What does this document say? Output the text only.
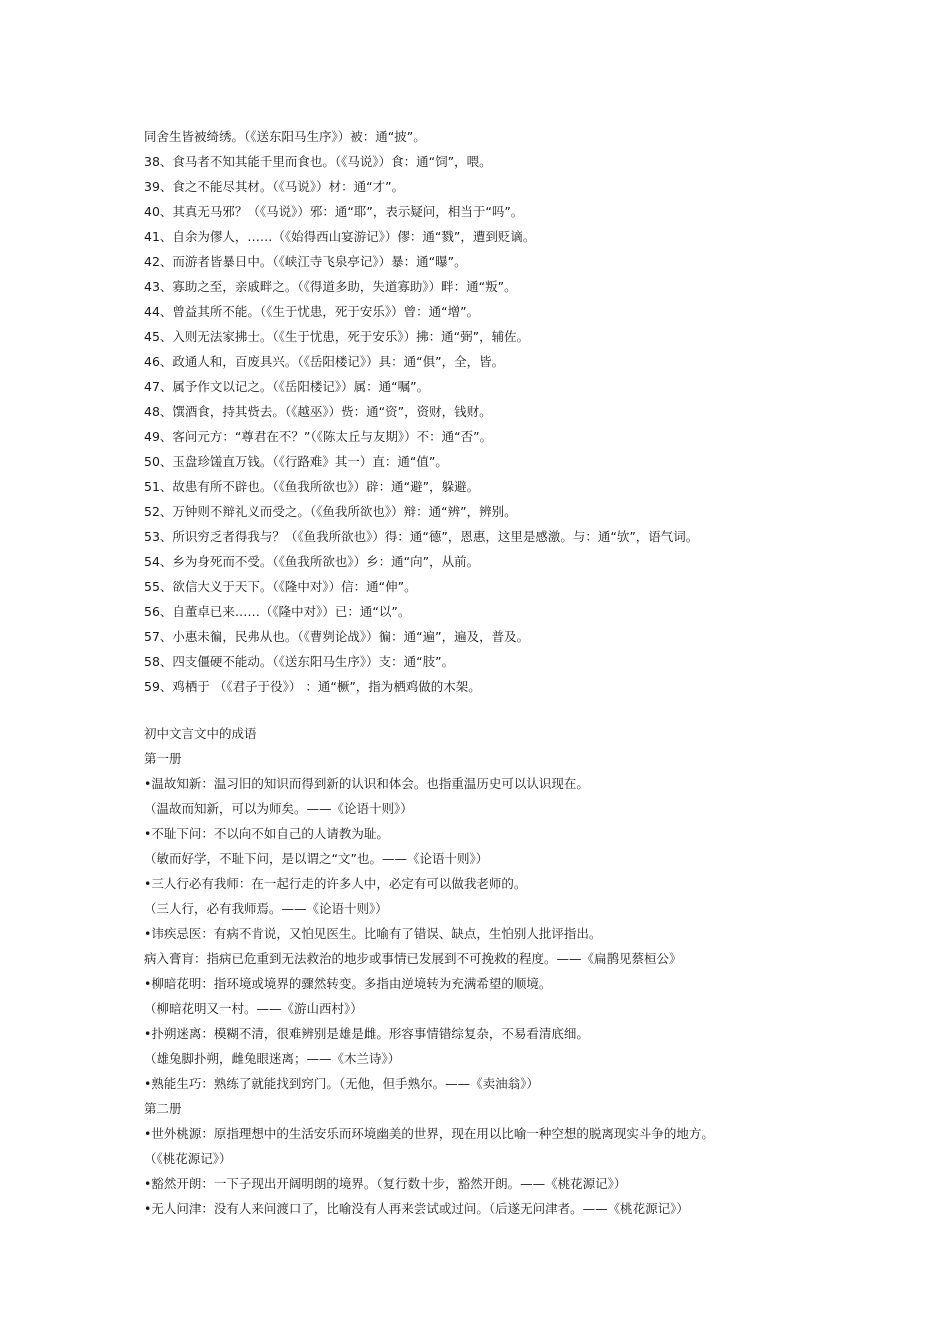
同舍生皆被绮绣。（《送东阳马生序》）被：通“披”。
38、食马者不知其能千里而食也。（《马说》）食：通“饲”，喂。
39、食之不能尽其材。（《马说》）材：通“才”。
40、其真无马邪？（《马说》）邪：通“耶”，表示疑问，相当于“吗”。
41、自余为僇人，……（《始得西山宴游记》）僇：通“戮”，遭到贬谪。
42、而游者皆暴日中。（《峡江寺飞泉亭记》）暴：通“曝”。
43、寡助之至，亲戚畔之。（《得道多助，失道寡助》）畔：通“叛”。
44、曾益其所不能。（《生于忧患，死于安乐》）曾：通“增”。
45、入则无法家拂士。（《生于忧患，死于安乐》）拂：通“弼”，辅佐。
46、政通人和，百废具兴。（《岳阳楼记》）具：通“俱”，全，皆。
47、属予作文以记之。（《岳阳楼记》）属：通“嘱”。
48、馔酒食，持其赀去。（《越巫》）赀：通“资”，资财，钱财。
49、客问元方：“尊君在不？”（《陈太丘与友期》）不：通“否”。
50、玉盘珍馐直万钱。（《行路难》其一）直：通“值”。
51、故患有所不辟也。（《鱼我所欲也》）辟：通“避”，躲避。
52、万钟则不辩礼义而受之。（《鱼我所欲也》）辩：通“辨”，辨别。
53、所识穷乏者得我与？（《鱼我所欲也》）得：通“德”，恩惠，这里是感激。与：通“欤”，语气词。
54、乡为身死而不受。（《鱼我所欲也》）乡：通“向”，从前。
55、欲信大义于天下。（《隆中对》）信：通“伸”。
56、自董卓已来……（《隆中对》）已：通“以”。
57、小惠未徧，民弗从也。（《曹刿论战》）徧：通“遍”，遍及，普及。
58、四支僵硬不能动。（《送东阳马生序》）支：通“肢”。
59、鸡栖于 （《君子于役》） ：通“橛”，指为栖鸡做的木架。
初中文言文中的成语
第一册
•温故知新：温习旧的知识而得到新的认识和体会。也指重温历史可以认识现在。
（温故而知新，可以为师矣。——《论语十则》）
•不耻下问：不以向不如自己的人请教为耻。
（敏而好学，不耻下问，是以谓之“文”也。——《论语十则》）
•三人行必有我师：在一起行走的许多人中，必定有可以做我老师的。
（三人行，必有我师焉。——《论语十则》）
•讳疾忌医：有病不肯说，又怕见医生。比喻有了错误、缺点，生怕别人批评指出。
病入膏肓：指病已危重到无法救治的地步或事情已发展到不可挽救的程度。——《扁鹊见蔡桓公》
•柳暗花明：指环境或境界的骤然转变。多指由逆境转为充满希望的顺境。
（柳暗花明又一村。——《游山西村》）
•扑朔迷离：模糊不清，很难辨别是雄是雌。形容事情错综复杂，不易看清底细。
（雄兔脚扑朔，雌兔眼迷离；——《木兰诗》）
•熟能生巧：熟练了就能找到窍门。（无他，但手熟尔。——《卖油翁》）
第二册
•世外桃源：原指理想中的生活安乐而环境幽美的世界，现在用以比喻一种空想的脱离现实斗争的地方。
（《桃花源记》）
•豁然开朗：一下子现出开阔明朗的境界。（复行数十步，豁然开朗。——《桃花源记》）
•无人问津：没有人来问渡口了，比喻没有人再来尝试或过问。（后遂无问津者。——《桃花源记》）
